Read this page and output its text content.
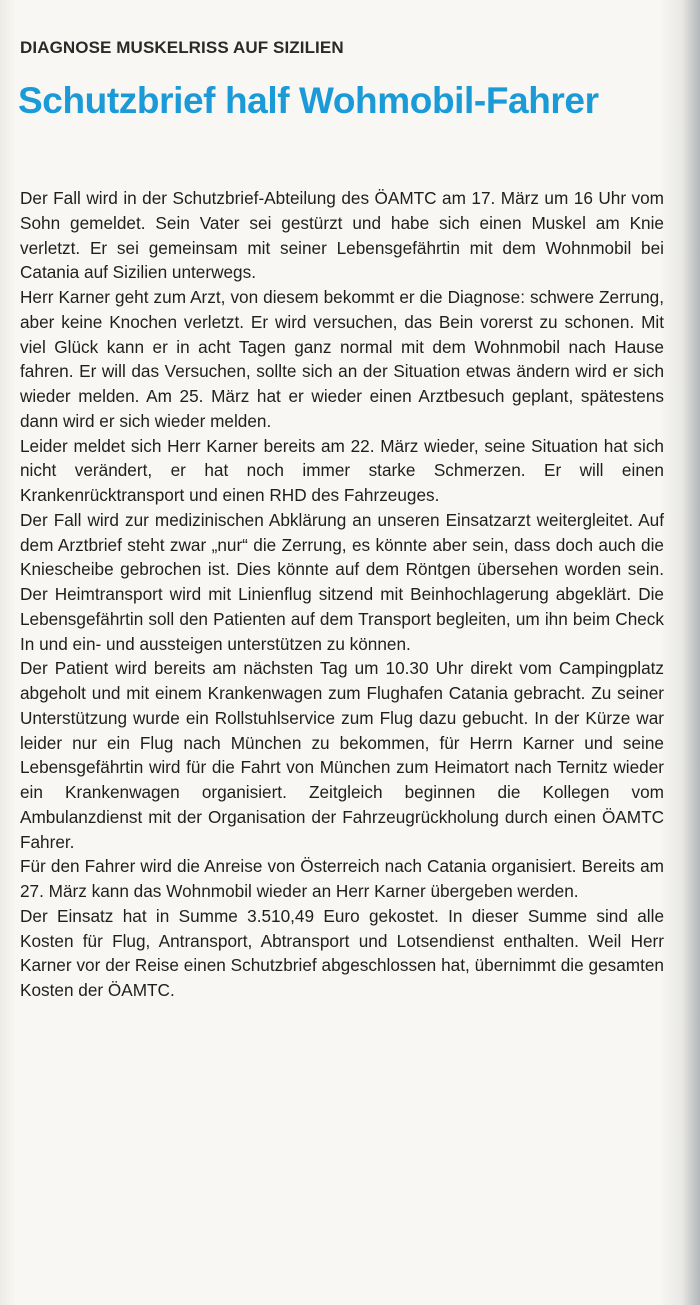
DIAGNOSE MUSKELRISS AUF SIZILIEN
Schutzbrief half Wohmobil-Fahrer

Der Fall wird in der Schutzbrief-Abteilung des ÖAMTC am 17. März um 16 Uhr vom Sohn gemeldet. Sein Vater sei gestürzt und habe sich einen Muskel am Knie verletzt. Er sei gemeinsam mit seiner Lebensgefährtin mit dem Wohnmobil bei Catania auf Sizilien unterwegs.

Herr Karner geht zum Arzt, von diesem bekommt er die Diagnose: schwere Zerrung, aber keine Knochen verletzt. Er wird versuchen, das Bein vorerst zu schonen. Mit viel Glück kann er in acht Tagen ganz normal mit dem Wohnmobil nach Hause fahren. Er will das Versuchen, sollte sich an der Situation etwas ändern wird er sich wieder melden. Am 25. März hat er wieder einen Arztbesuch geplant, spätestens dann wird er sich wieder melden.

Leider meldet sich Herr Karner bereits am 22. März wieder, seine Situation hat sich nicht verändert, er hat noch immer starke Schmerzen. Er will einen Krankenrücktransport und einen RHD des Fahrzeuges.

Der Fall wird zur medizinischen Abklärung an unseren Einsatzarzt weitergleitet. Auf dem Arztbrief steht zwar „nur“ die Zerrung, es könnte aber sein, dass doch auch die Kniescheibe gebrochen ist. Dies könnte auf dem Röntgen übersehen worden sein. Der Heimtransport wird mit Linienflug sitzend mit Beinhochlagerung abgeklärt. Die Lebensgefährtin soll den Patienten auf dem Transport begleiten, um ihn beim Check In und ein- und aussteigen unterstützen zu können.

Der Patient wird bereits am nächsten Tag um 10.30 Uhr direkt vom Campingplatz abgeholt und mit einem Krankenwagen zum Flughafen Catania gebracht. Zu seiner Unterstützung wurde ein Rollstuhlservice zum Flug dazu gebucht. In der Kürze war leider nur ein Flug nach München zu bekommen, für Herrn Karner und seine Lebensgefährtin wird für die Fahrt von München zum Heimatort nach Ternitz wieder ein Krankenwagen organisiert. Zeitgleich beginnen die Kollegen vom Ambulanzdienst mit der Organisation der Fahrzeugrückholung durch einen ÖAMTC Fahrer.

Für den Fahrer wird die Anreise von Österreich nach Catania organisiert. Bereits am 27. März kann das Wohnmobil wieder an Herr Karner übergeben werden.

Der Einsatz hat in Summe 3.510,49 Euro gekostet. In dieser Summe sind alle Kosten für Flug, Antransport, Abtransport und Lotsendienst enthalten. Weil Herr Karner vor der Reise einen Schutzbrief abgeschlossen hat, übernimmt die gesamten Kosten der ÖAMTC.
